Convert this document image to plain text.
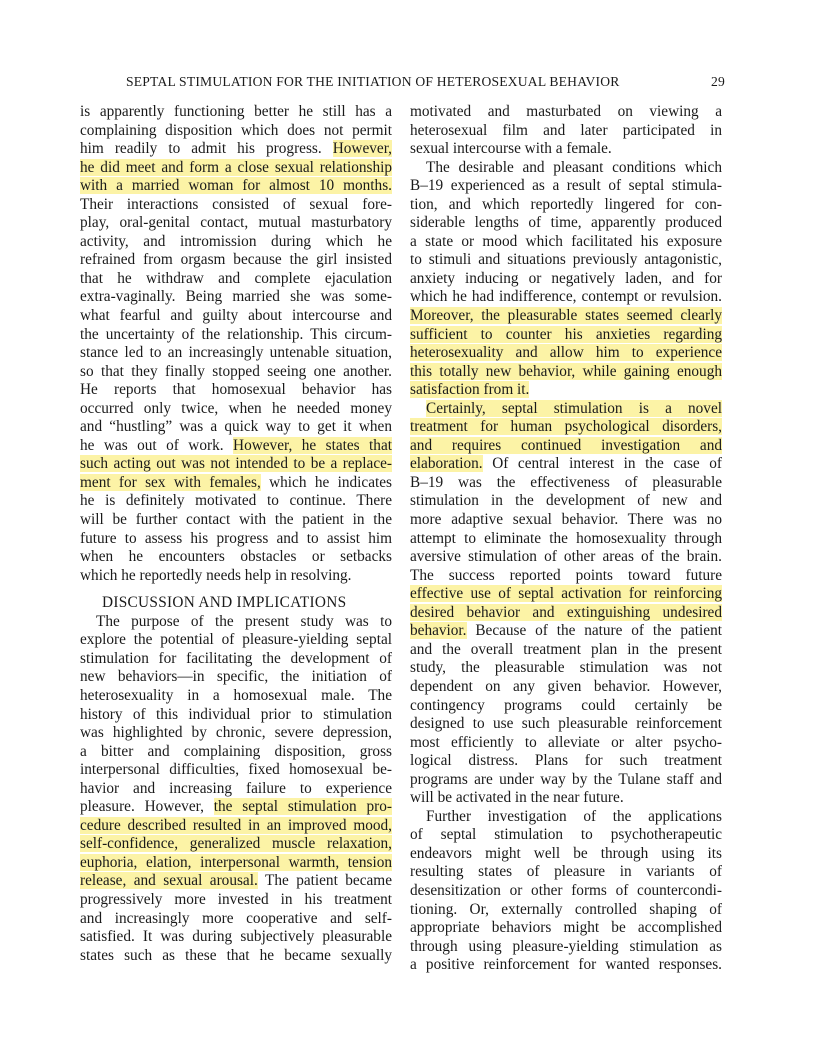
SEPTAL STIMULATION FOR THE INITIATION OF HETEROSEXUAL BEHAVIOR	29
is apparently functioning better he still has a
complaining disposition which does not permit
him readily to admit his progress. However,
he did meet and form a close sexual relationship
with a married woman for almost 10 months.
Their interactions consisted of sexual fore-
play, oral-genital contact, mutual masturbatory
activity, and intromission during which he
refrained from orgasm because the girl insisted
that he withdraw and complete ejaculation
extra-vaginally. Being married she was some-
what fearful and guilty about intercourse and
the uncertainty of the relationship. This circum-
stance led to an increasingly untenable situation,
so that they finally stopped seeing one another.
He reports that homosexual behavior has
occurred only twice, when he needed money
and “hustling” was a quick way to get it when
he was out of work. However, he states that
such acting out was not intended to be a replace-
ment for sex with females, which he indicates
he is definitely motivated to continue. There
will be further contact with the patient in the
future to assess his progress and to assist him
when he encounters obstacles or setbacks
which he reportedly needs help in resolving.
DISCUSSION AND IMPLICATIONS
The purpose of the present study was to
explore the potential of pleasure-yielding septal
stimulation for facilitating the development of
new behaviors—in specific, the initiation of
heterosexuality in a homosexual male. The
history of this individual prior to stimulation
was highlighted by chronic, severe depression,
a bitter and complaining disposition, gross
interpersonal difficulties, fixed homosexual be-
havior and increasing failure to experience
pleasure. However, the septal stimulation pro-
cedure described resulted in an improved mood,
self-confidence, generalized muscle relaxation,
euphoria, elation, interpersonal warmth, tension
release, and sexual arousal. The patient became
progressively more invested in his treatment
and increasingly more cooperative and self-
satisfied. It was during subjectively pleasurable
states such as these that he became sexually
motivated and masturbated on viewing a
heterosexual film and later participated in
sexual intercourse with a female.
The desirable and pleasant conditions which
B–19 experienced as a result of septal stimula-
tion, and which reportedly lingered for con-
siderable lengths of time, apparently produced
a state or mood which facilitated his exposure
to stimuli and situations previously antagonistic,
anxiety inducing or negatively laden, and for
which he had indifference, contempt or revulsion.
Moreover, the pleasurable states seemed clearly
sufficient to counter his anxieties regarding
heterosexuality and allow him to experience
this totally new behavior, while gaining enough
satisfaction from it.
Certainly, septal stimulation is a novel
treatment for human psychological disorders,
and requires continued investigation and
elaboration. Of central interest in the case of
B–19 was the effectiveness of pleasurable
stimulation in the development of new and
more adaptive sexual behavior. There was no
attempt to eliminate the homosexuality through
aversive stimulation of other areas of the brain.
The success reported points toward future
effective use of septal activation for reinforcing
desired behavior and extinguishing undesired
behavior. Because of the nature of the patient
and the overall treatment plan in the present
study, the pleasurable stimulation was not
dependent on any given behavior. However,
contingency programs could certainly be
designed to use such pleasurable reinforcement
most efficiently to alleviate or alter psycho-
logical distress. Plans for such treatment
programs are under way by the Tulane staff and
will be activated in the near future.
Further investigation of the applications
of septal stimulation to psychotherapeutic
endeavors might well be through using its
resulting states of pleasure in variants of
desensitization or other forms of countercondi-
tioning. Or, externally controlled shaping of
appropriate behaviors might be accomplished
through using pleasure-yielding stimulation as
a positive reinforcement for wanted responses.
